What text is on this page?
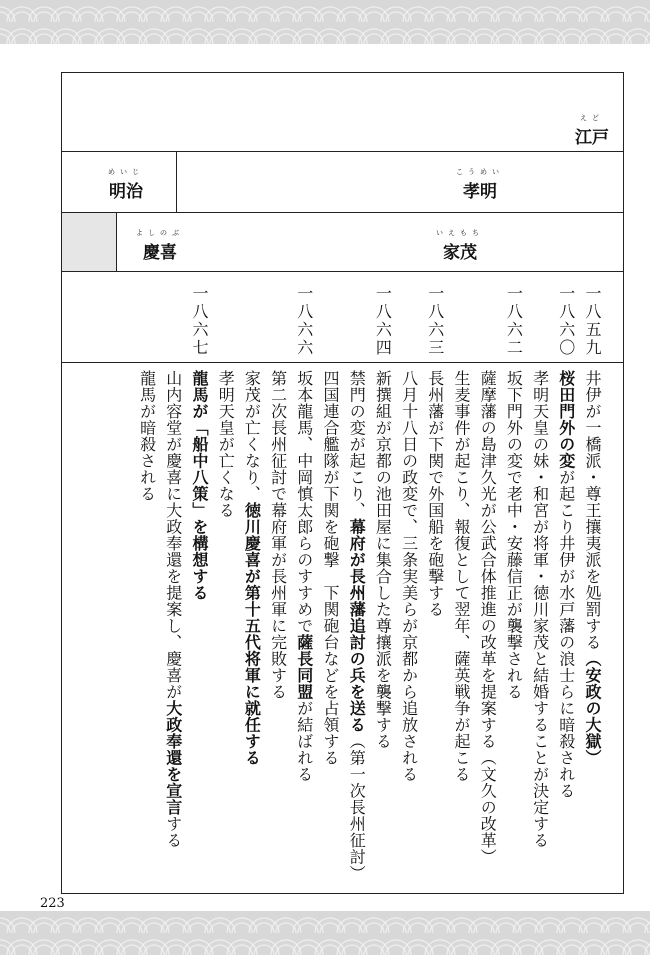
えど
江戸
めいじ
明治
こうめい
孝明
よしのぶ
慶喜
いえもち
家茂
一八五九
井伊が一橋派・尊王攘夷派を処罰する（安政の大獄）
一八六〇
桜田門外の変が起こり井伊が水戸藩の浪士らに暗殺される
孝明天皇の妹・和宮が将軍・徳川家茂と結婚することが決定する
一八六二
坂下門外の変で老中・安藤信正が襲撃される
薩摩藩の島津久光が公武合体推進の改革を提案する（文久の改革）
生麦事件が起こり、報復として翌年、薩英戦争が起こる
一八六三
長州藩が下関で外国船を砲撃する
八月十八日の政変で、三条実美らが京都から追放される
一八六四
新撰組が京都の池田屋に集合した尊攘派を襲撃する
禁門の変が起こり、幕府が長州藩追討の兵を送る（第一次長州征討）
四国連合艦隊が下関を砲撃　下関砲台などを占領する
一八六六
坂本龍馬、中岡慎太郎らのすすめで薩長同盟が結ばれる
第二次長州征討で幕府軍が長州軍に完敗する
家茂が亡くなり、徳川慶喜が第十五代将軍に就任する
孝明天皇が亡くなる
一八六七
龍馬が「船中八策」を構想する
山内容堂が慶喜に大政奉還を提案し、慶喜が大政奉還を宣言する
龍馬が暗殺される
223
